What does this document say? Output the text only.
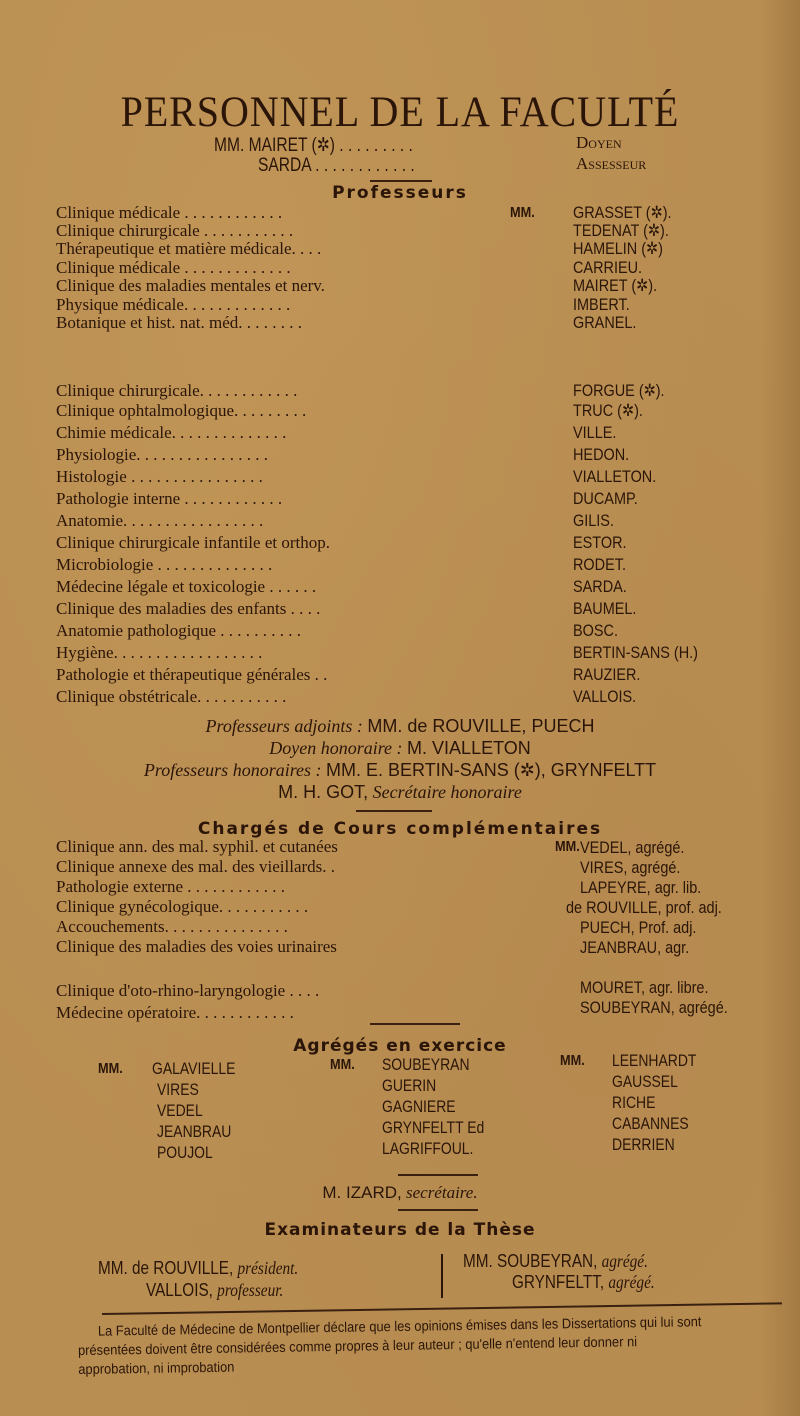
PERSONNEL DE LA FACULTÉ
MM. MAIRET (✲) . . . . . . . . .	Doyen
SARDA . . . . . . . . . . . .	Assesseur
Professeurs
MM.
Clinique médicale . . . . . . . . . . . .	GRASSET (✲).
Clinique chirurgicale . . . . . . . . . . .	TEDENAT (✲).
Thérapeutique et matière médicale. . . .	HAMELIN (✲)
Clinique médicale . . . . . . . . . . . . .	CARRIEU.
Clinique des maladies mentales et nerv.	MAIRET (✲).
Physique médicale. . . . . . . . . . . . .	IMBERT.
Botanique et hist. nat. méd. . . . . . . .	GRANEL.
Clinique chirurgicale. . . . . . . . . . . .	FORGUE (✲).
Clinique ophtalmologique. . . . . . . . .	TRUC (✲).
Chimie médicale. . . . . . . . . . . . . .	VILLE.
Physiologie. . . . . . . . . . . . . . . .	HEDON.
Histologie . . . . . . . . . . . . . . . .	VIALLETON.
Pathologie interne . . . . . . . . . . . .	DUCAMP.
Anatomie. . . . . . . . . . . . . . . . .	GILIS.
Clinique chirurgicale infantile et orthop.	ESTOR.
Microbiologie . . . . . . . . . . . . . .	RODET.
Médecine légale et toxicologie . . . . . .	SARDA.
Clinique des maladies des enfants . . . .	BAUMEL.
Anatomie pathologique . . . . . . . . . .	BOSC.
Hygiène. . . . . . . . . . . . . . . . . .	BERTIN-SANS (H.)
Pathologie et thérapeutique générales . .	RAUZIER.
Clinique obstétricale. . . . . . . . . . .	VALLOIS.
Professeurs adjoints : MM. de ROUVILLE, PUECH
Doyen honoraire : M. VIALLETON
Professeurs honoraires : MM. E. BERTIN-SANS (✲), GRYNFELTT
M. H. GOT, Secrétaire honoraire
Chargés de Cours complémentaires
MM.
Clinique ann. des mal. syphil. et cutanées	VEDEL, agrégé.
Clinique annexe des mal. des vieillards. .	VIRES, agrégé.
Pathologie externe . . . . . . . . . . . .	LAPEYRE, agr. lib.
Clinique gynécologique. . . . . . . . . . .	de ROUVILLE, prof. adj.
Accouchements. . . . . . . . . . . . . . .	PUECH, Prof. adj.
Clinique des maladies des voies urinaires	JEANBRAU, agr.
Clinique d'oto-rhino-laryngologie . . . .	MOURET, agr. libre.
Médecine opératoire. . . . . . . . . . . .	SOUBEYRAN, agrégé.
Agrégés en exercice
MM.	MM.	MM.
GALAVIELLE
VIRES
VEDEL
JEANBRAU
POUJOL
SOUBEYRAN
GUERIN
GAGNIERE
GRYNFELTT Ed
LAGRIFFOUL.
LEENHARDT
GAUSSEL
RICHE
CABANNES
DERRIEN
M. IZARD, secrétaire.
Examinateurs de la Thèse
MM. de ROUVILLE, président.
VALLOIS, professeur.
MM. SOUBEYRAN, agrégé.
GRYNFELTT, agrégé.
La Faculté de Médecine de Montpellier déclare que les opinions émises dans les Dissertations qui lui sont présentées doivent être considérées comme propres à leur auteur ; qu'elle n'entend leur donner ni approbation, ni improbation
